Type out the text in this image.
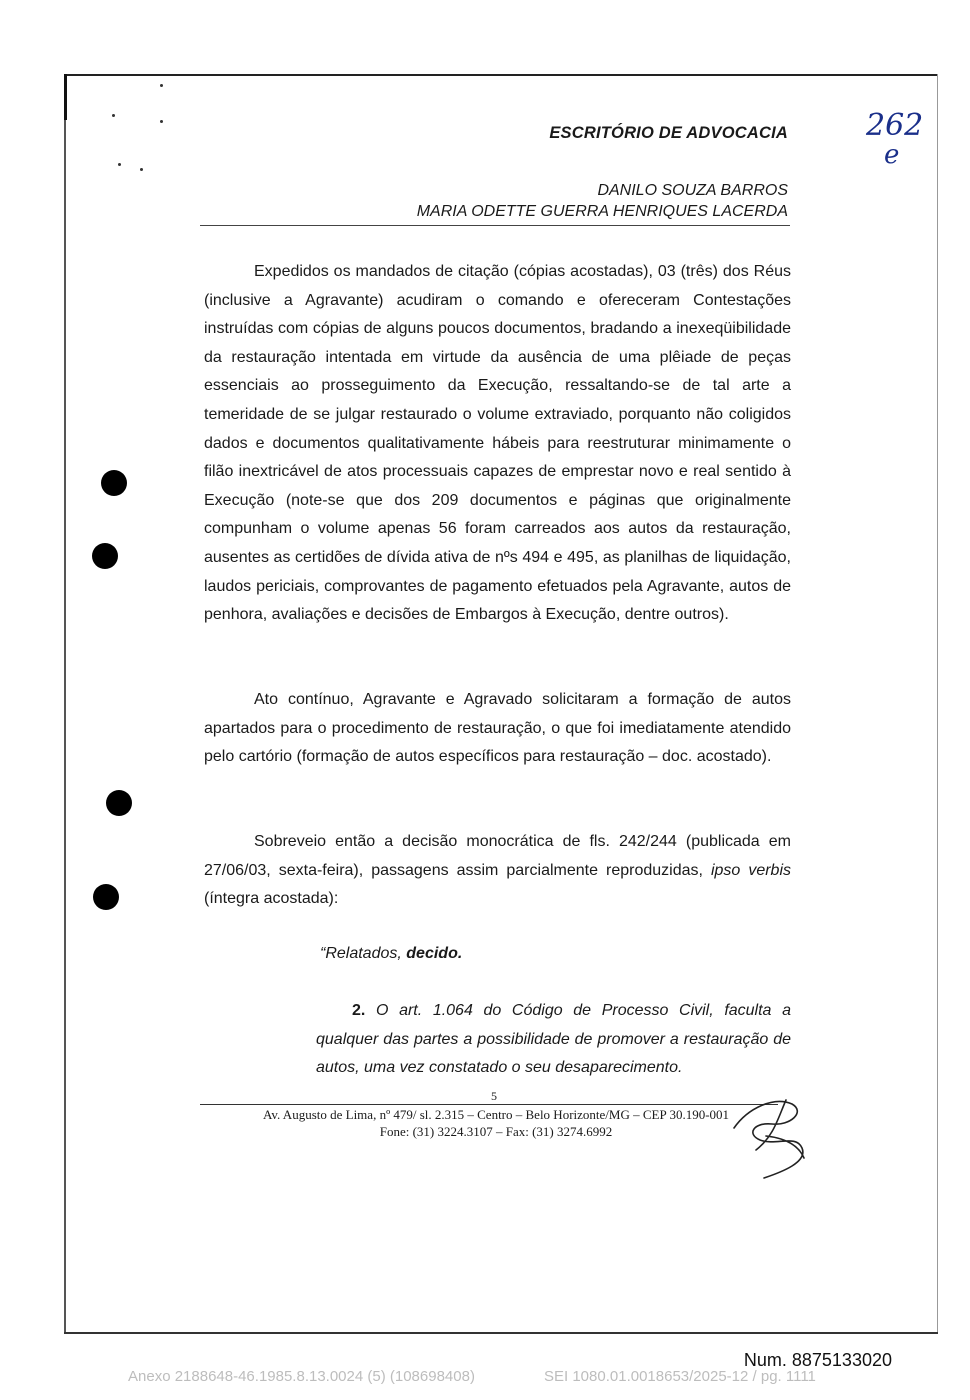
ESCRITÓRIO DE ADVOCACIA
DANILO SOUZA BARROS
MARIA ODETTE GUERRA HENRIQUES LACERDA
262
e
Expedidos os mandados de citação (cópias acostadas), 03 (três) dos Réus (inclusive a Agravante) acudiram o comando e ofereceram Contestações instruídas com cópias de alguns poucos documentos, bradando a inexeqüibilidade da restauração intentada em virtude da ausência de uma plêiade de peças essenciais ao prosseguimento da Execução, ressaltando-se de tal arte a temeridade de se julgar restaurado o volume extraviado, porquanto não coligidos dados e documentos qualitativamente hábeis para reestruturar minimamente o filão inextricável de atos processuais capazes de emprestar novo e real sentido à Execução (note-se que dos 209 documentos e páginas que originalmente compunham o volume apenas 56 foram carreados aos autos da restauração, ausentes as certidões de dívida ativa de nºs 494 e 495, as planilhas de liquidação, laudos periciais, comprovantes de pagamento efetuados pela Agravante, autos de penhora, avaliações e decisões de Embargos à Execução, dentre outros).
Ato contínuo, Agravante e Agravado solicitaram a formação de autos apartados para o procedimento de restauração, o que foi imediatamente atendido pelo cartório (formação de autos específicos para restauração – doc. acostado).
Sobreveio então a decisão monocrática de fls. 242/244 (publicada em 27/06/03, sexta-feira), passagens assim parcialmente reproduzidas, ipso verbis (íntegra acostada):
“Relatados, decido.
2. O art. 1.064 do Código de Processo Civil, faculta a qualquer das partes a possibilidade de promover a restauração de autos, uma vez constatado o seu desaparecimento.
5
Av. Augusto de Lima, nº 479/ sl. 2.315 – Centro – Belo Horizonte/MG – CEP 30.190-001
Fone: (31) 3224.3107 – Fax: (31) 3274.6992
Num. 8875133020
Anexo 2188648-46.1985.8.13.0024 (5) (108698408)	SEI 1080.01.0018653/2025-12 / pg. 1111
